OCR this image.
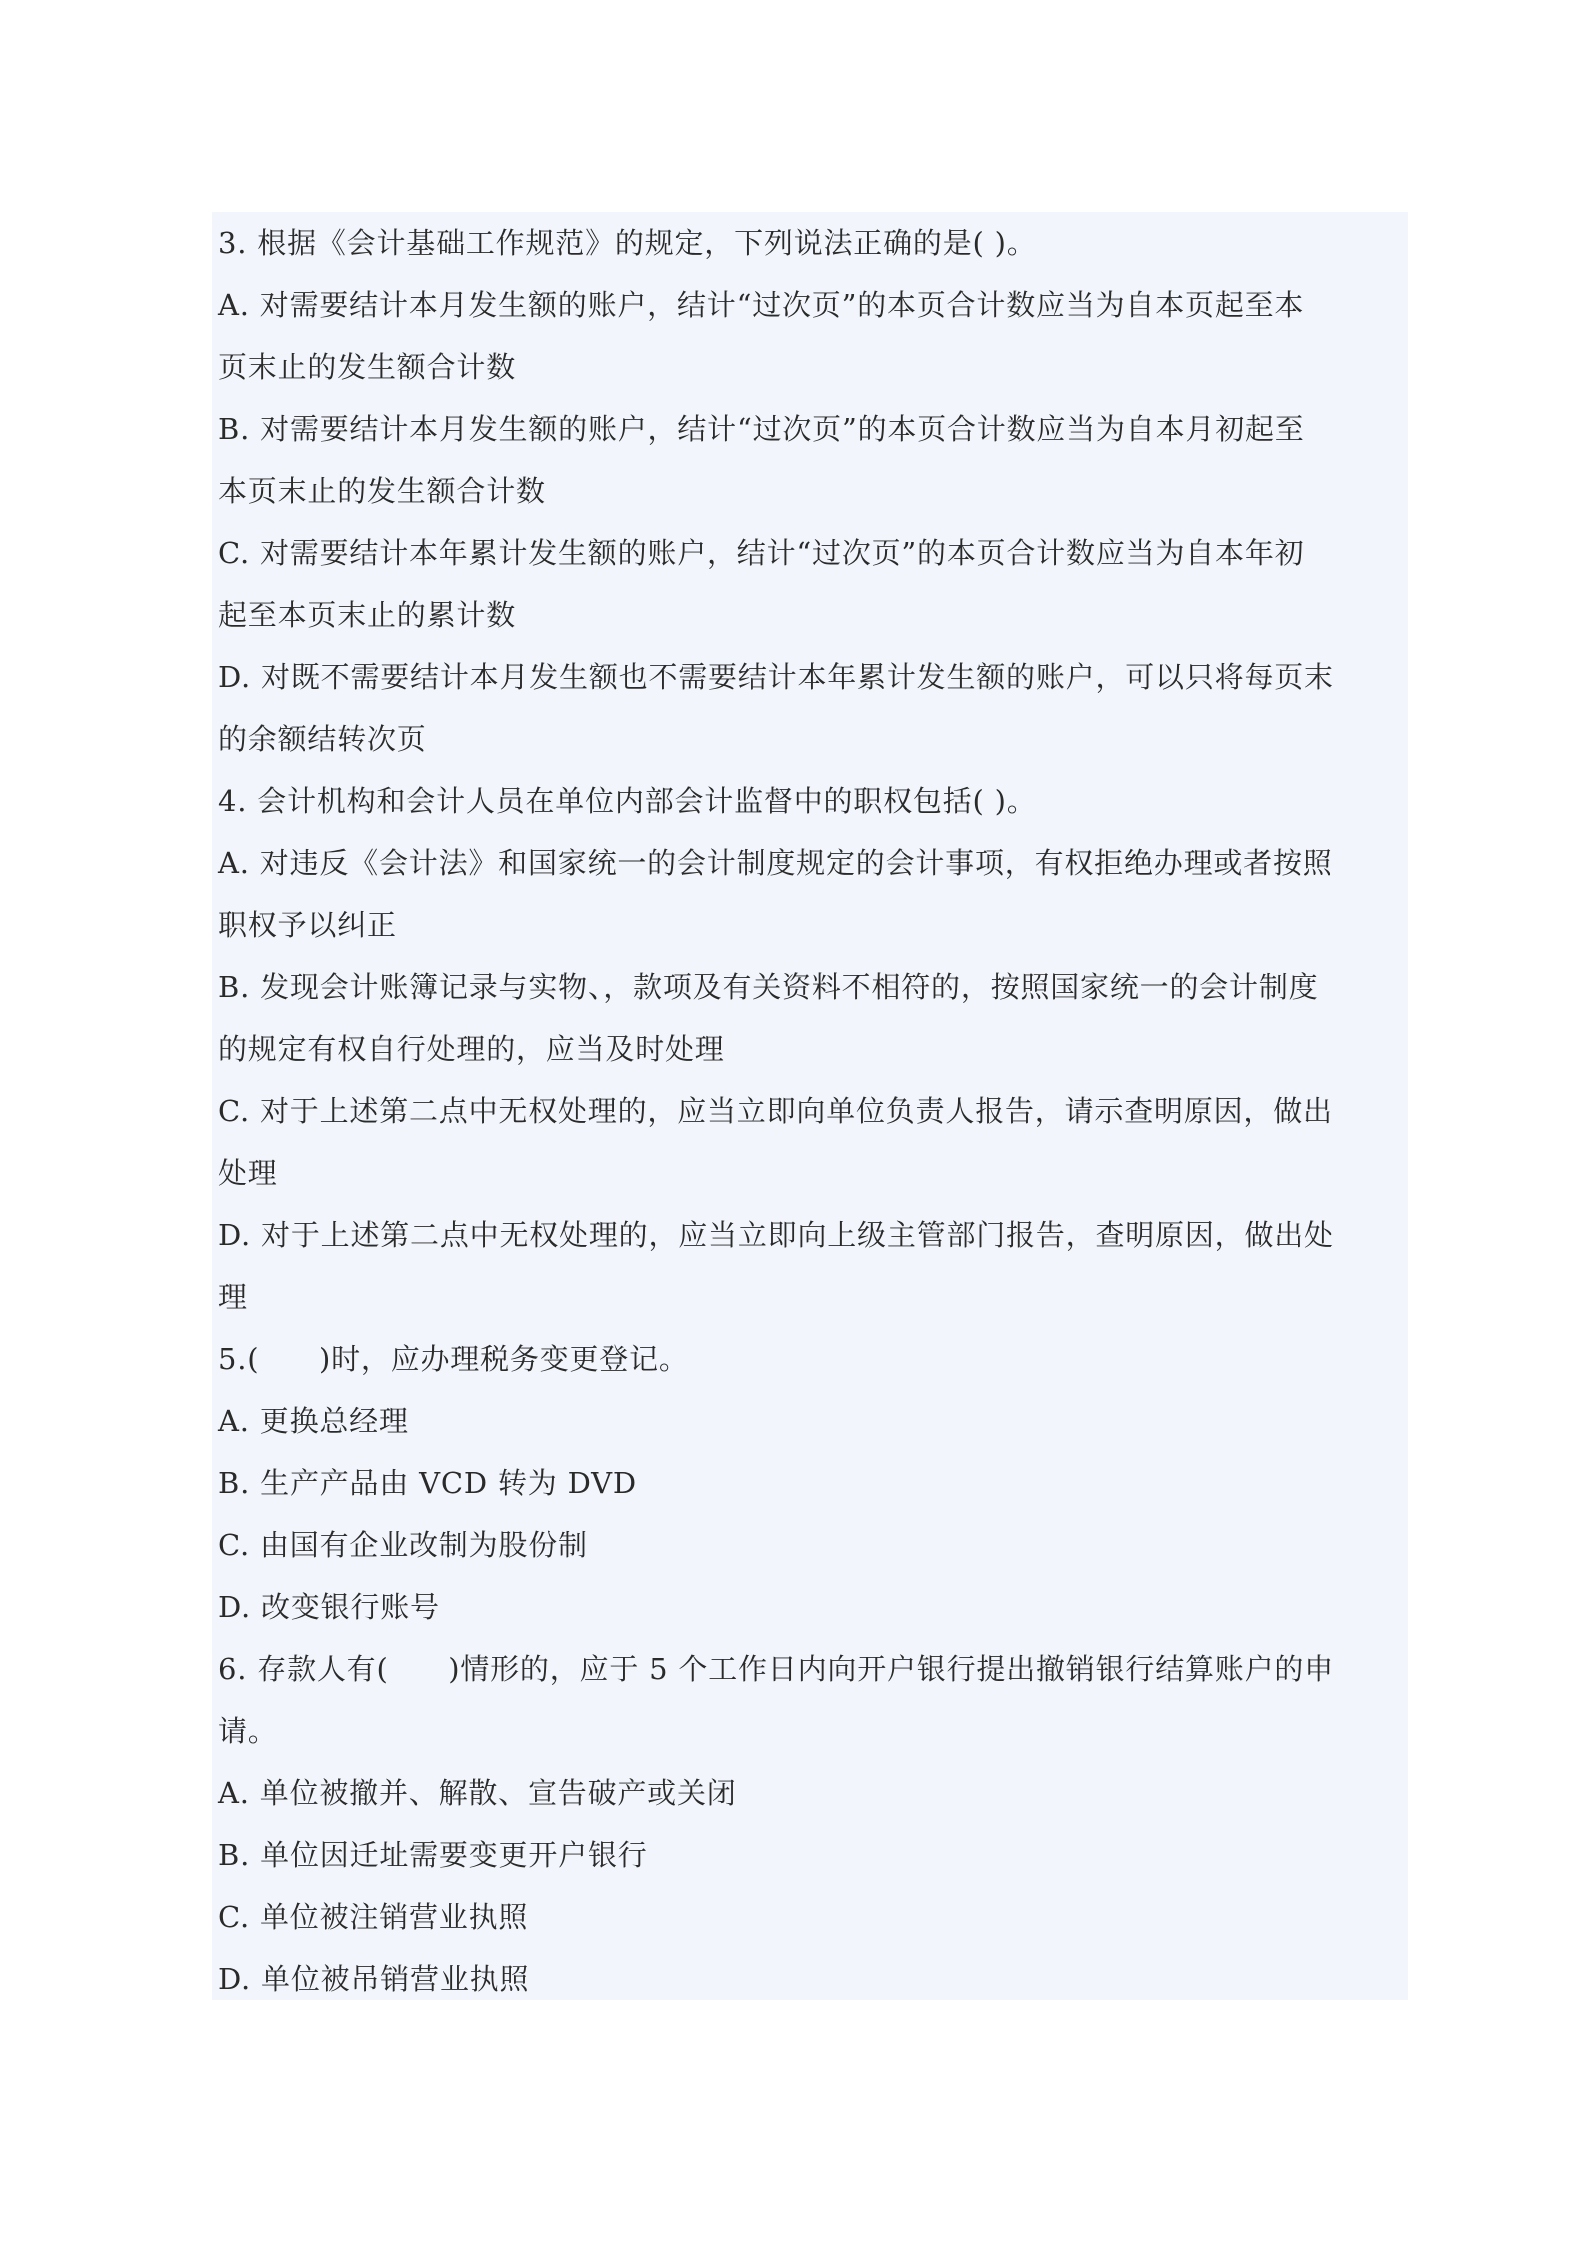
3. 根据《会计基础工作规范》的规定，下列说法正确的是( )。
A. 对需要结计本月发生额的账户，结计“过次页”的本页合计数应当为自本页起至本
页末止的发生额合计数
B. 对需要结计本月发生额的账户，结计“过次页”的本页合计数应当为自本月初起至
本页末止的发生额合计数
C. 对需要结计本年累计发生额的账户，结计“过次页”的本页合计数应当为自本年初
起至本页末止的累计数
D. 对既不需要结计本月发生额也不需要结计本年累计发生额的账户，可以只将每页末
的余额结转次页
4. 会计机构和会计人员在单位内部会计监督中的职权包括( )。
A. 对违反《会计法》和国家统一的会计制度规定的会计事项，有权拒绝办理或者按照
职权予以纠正
B. 发现会计账簿记录与实物、，款项及有关资料不相符的，按照国家统一的会计制度
的规定有权自行处理的，应当及时处理
C. 对于上述第二点中无权处理的，应当立即向单位负责人报告，请示查明原因，做出
处理
D. 对于上述第二点中无权处理的，应当立即向上级主管部门报告，查明原因，做出处
理
5.(　　)时，应办理税务变更登记。
A. 更换总经理
B. 生产产品由 VCD 转为 DVD
C. 由国有企业改制为股份制
D. 改变银行账号
6. 存款人有(　　)情形的，应于 5 个工作日内向开户银行提出撤销银行结算账户的申
请。
A. 单位被撤并、解散、宣告破产或关闭
B. 单位因迁址需要变更开户银行
C. 单位被注销营业执照
D. 单位被吊销营业执照
